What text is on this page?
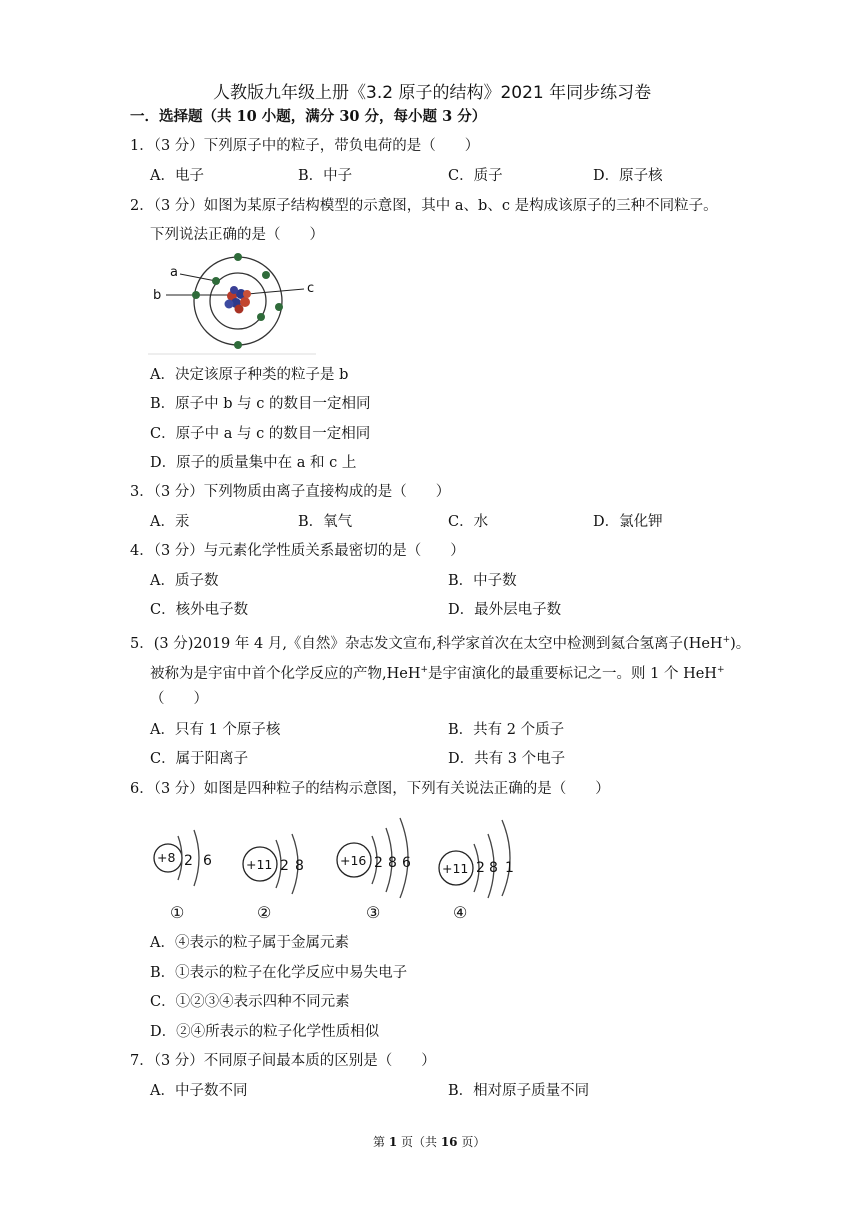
人教版九年级上册《3.2 原子的结构》2021 年同步练习卷
一．选择题（共 10 小题，满分 30 分，每小题 3 分）
1．（3 分）下列原子中的粒子，带负电荷的是（　　）
A．电子	B．中子	C．质子	D．原子核
2．（3 分）如图为某原子结构模型的示意图，其中 a、b、c 是构成该原子的三种不同粒子。
下列说法正确的是（　　）
a
b	c
A．决定该原子种类的粒子是 b
B．原子中 b 与 c 的数目一定相同
C．原子中 a 与 c 的数目一定相同
D．原子的质量集中在 a 和 c 上
3．（3 分）下列物质由离子直接构成的是（　　）
A．汞	B．氧气	C．水	D．氯化钾
4．（3 分）与元素化学性质关系最密切的是（　　）
A．质子数	B．中子数
C．核外电子数	D．最外层电子数
5．(3 分)2019 年 4 月,《自然》杂志发文宣布,科学家首次在太空中检测到氦合氢离子(HeH+)。
被称为是宇宙中首个化学反应的产物,HeH+是宇宙演化的最重要标记之一。则 1 个 HeH+
（　　）
A．只有 1 个原子核	B．共有 2 个质子
C．属于阳离子	D．共有 3 个电子
6．（3 分）如图是四种粒子的结构示意图，下列有关说法正确的是（　　）
+8 2 6
①
+11 2 8
②
+16 2 8 6
③
+11 2 8 1
④
A．④表示的粒子属于金属元素
B．①表示的粒子在化学反应中易失电子
C．①②③④表示四种不同元素
D．②④所表示的粒子化学性质相似
7．（3 分）不同原子间最本质的区别是（　　）
A．中子数不同	B．相对原子质量不同
第 1 页（共 16 页）
